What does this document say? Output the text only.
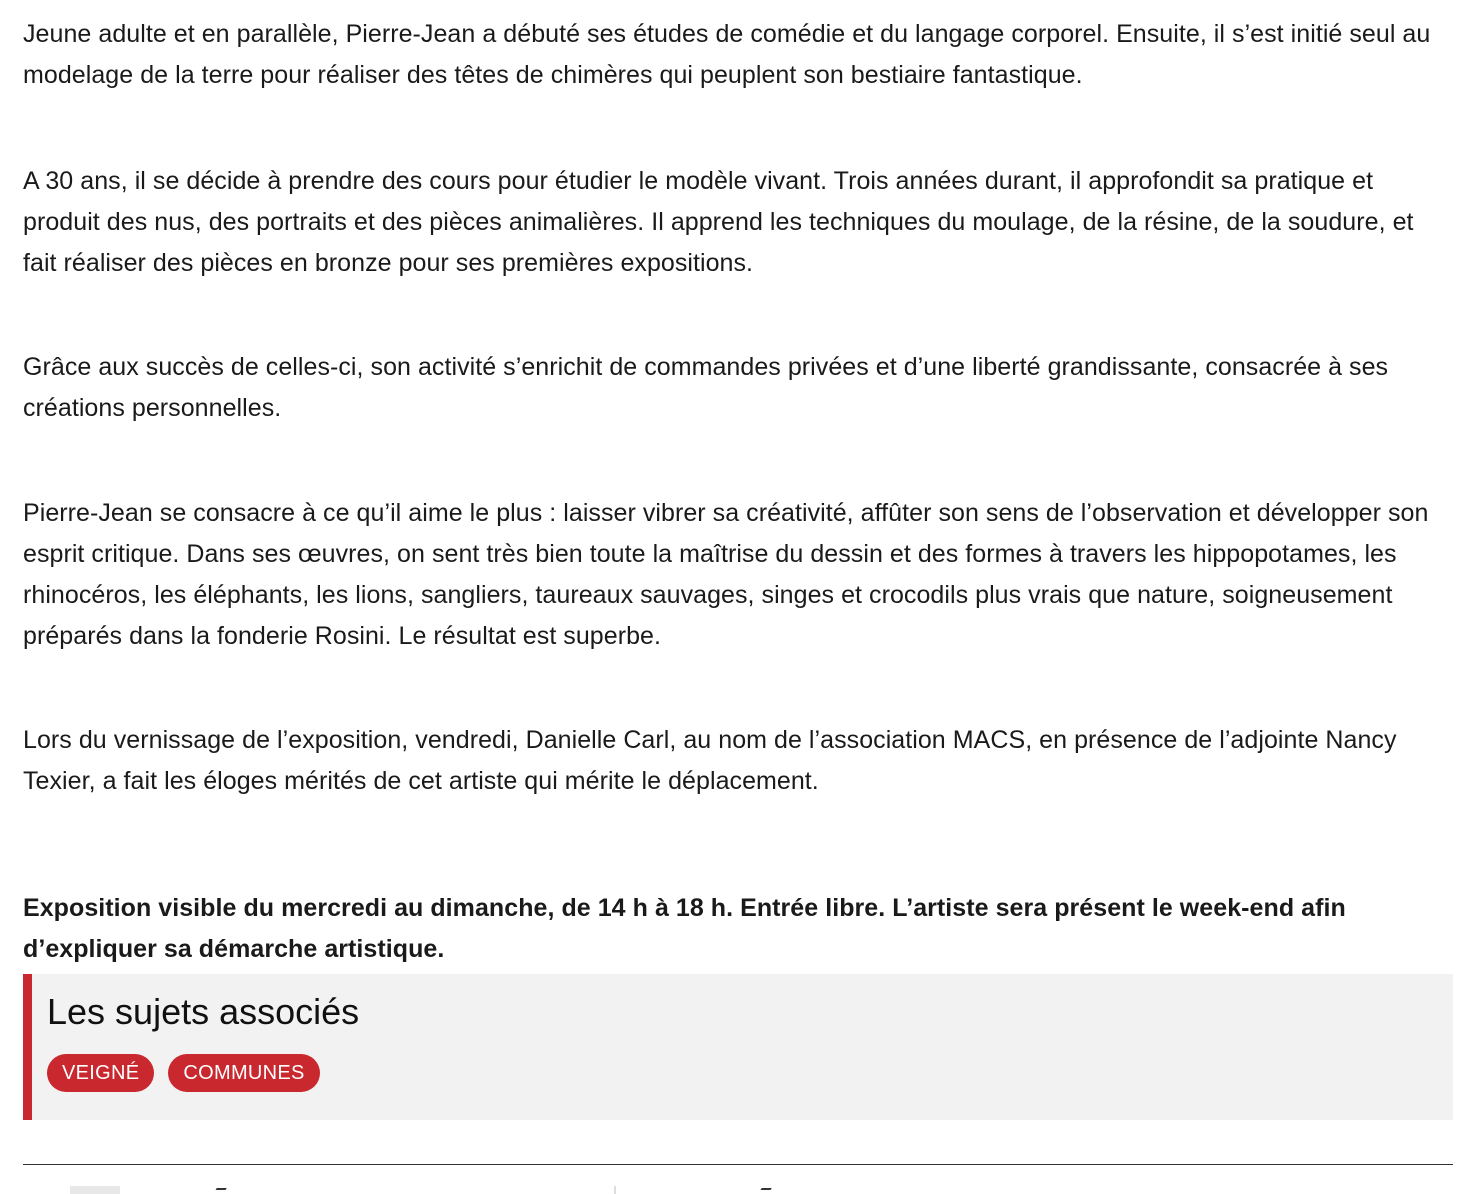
Jeune adulte et en parallèle, Pierre-Jean a débuté ses études de comédie et du langage corporel. Ensuite, il s’est initié seul au modelage de la terre pour réaliser des têtes de chimères qui peuplent son bestiaire fantastique.

A 30 ans, il se décide à prendre des cours pour étudier le modèle vivant. Trois années durant, il approfondit sa pratique et produit des nus, des portraits et des pièces animalières. Il apprend les techniques du moulage, de la résine, de la soudure, et fait réaliser des pièces en bronze pour ses premières expositions.

Grâce aux succès de celles-ci, son activité s’enrichit de commandes privées et d’une liberté grandissante, consacrée à ses créations personnelles.

Pierre-Jean se consacre à ce qu’il aime le plus : laisser vibrer sa créativité, affûter son sens de l’observation et développer son esprit critique. Dans ses œuvres, on sent très bien toute la maîtrise du dessin et des formes à travers les hippopotames, les rhinocéros, les éléphants, les lions, sangliers, taureaux sauvages, singes et crocodils plus vrais que nature, soigneusement préparés dans la fonderie Rosini. Le résultat est superbe.

Lors du vernissage de l’exposition, vendredi, Danielle Carl, au nom de l’association MACS, en présence de l’adjointe Nancy Texier, a fait les éloges mérités de cet artiste qui mérite le déplacement.

Exposition visible du mercredi au dimanche, de 14 h à 18 h. Entrée libre. L’artiste sera présent le week-end afin d’expliquer sa démarche artistique.

Les sujets associés
VEIGNÉ	COMMUNES
